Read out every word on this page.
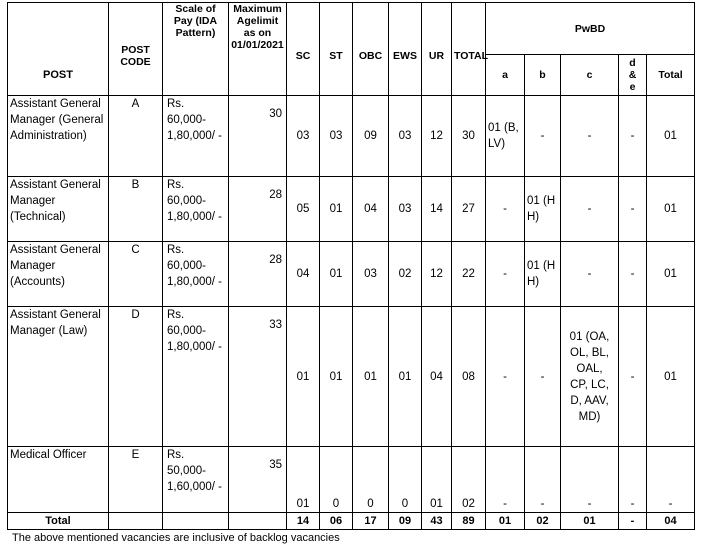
POST	POST CODE	Scale of Pay (IDA Pattern)	Maximum Agelimit as on 01/01/2021	SC	ST	OBC	EWS	UR	TOTAL	PwBD				
										a	b	c	d & e	Total
Assistant General Manager (General Administration)	A	Rs. 60,000-1,80,000/ -	30	03	03	09	03	12	30	01 (B, LV)	-	-	-	01
Assistant General Manager (Technical)	B	Rs. 60,000-1,80,000/ -	28	05	01	04	03	14	27	-	01 (HH)	-	-	01
Assistant General Manager (Accounts)	C	Rs. 60,000-1,80,000/ -	28	04	01	03	02	12	22	-	01 (HH)	-	-	01
Assistant General Manager (Law)	D	Rs. 60,000-1,80,000/ -	33	01	01	01	01	04	08	-	-	01 (OA, OL, BL, OAL, CP, LC, D, AAV, MD)	-	01
Medical Officer	E	Rs. 50,000-1,60,000/ -	35	01	0	0	0	01	02	-	-	-	-	-
Total				14	06	17	09	43	89	01	02	01	-	04
The above mentioned vacancies are inclusive of backlog vacancies
